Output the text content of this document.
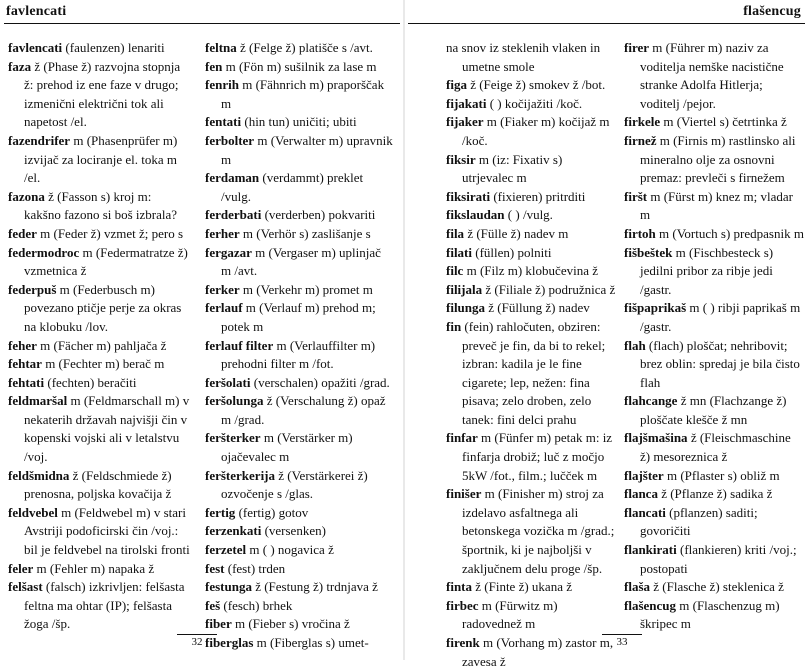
favlencati

favlencati (faulenzen) lenariti

faza ž (Phase ž) razvojna stopnja ž: prehod iz ene faze v drugo; izmenični električni tok ali napetost /el.

fazendrifer m (Phasenprüfer m) izvijač za lociranje el. toka m /el.

fazona ž (Fasson s) kroj m: kakšno fazono si boš izbrala?

feder m (Feder ž) vzmet ž; pero s

federmodroc m (Federmatratze ž) vzmetnica ž

federpuš m (Federbusch m) povezano ptičje perje za okras na klobuku /lov.

feher m (Fächer m) pahljača ž

fehtar m (Fechter m) berač m

fehtati (fechten) beračiti

feldmaršal m (Feldmarschall m) v nekaterih državah najvišji čin v kopenski vojski ali v letalstvu /voj.

feldšmidna ž (Feldschmiede ž) prenosna, poljska kovačija ž

feldvebel m (Feldwebel m) v stari Avstriji podoficirski čin /voj.: bil je feldvebel na tirolski fronti

feler m (Fehler m) napaka ž

felšast (falsch) izkrivljen: felšasta feltna ma ohtar (IP); felšasta žoga /šp.

feltna ž (Felge ž) platišče s /avt.

fen m (Fön m) sušilnik za lase m

fenrih m (Fähnrich m) praporščak m

fentati (hin tun) uničiti; ubiti

ferbolter m (Verwalter m) upravnik m

ferdaman (verdammt) preklet /vulg.

ferderbati (verderben) pokvariti

ferher m (Verhör s) zaslišanje s

fergazar m (Vergaser m) uplinjač m /avt.

ferker m (Verkehr m) promet m

ferlauf m (Verlauf m) prehod m; potek m

ferlauf filter m (Verlauffilter m) prehodni filter m /fot.

feršolati (verschalen) opažiti /grad.

feršolunga ž (Verschalung ž) opaž m /grad.

feršterker m (Verstärker m) ojačevalec m

feršterkerija ž (Verstärkerei ž) ozvočenje s /glas.

fertig (fertig) gotov

ferzenkati (versenken)

ferzetel m ( ) nogavica ž

fest (fest) trden

festunga ž (Festung ž) trdnjava ž

feš (fesch) brhek

fiber m (Fieber s) vročina ž

fiberglas m (Fiberglas s) umet-

32
flašencug

na snov iz steklenih vlaken in umetne smole

figa ž (Feige ž) smokev ž /bot.

fijakati ( ) kočijažiti /koč.

fijaker m (Fiaker m) kočijaž m /koč.

fiksir m (iz: Fixativ s) utrjevalec m

fiksirati (fixieren) pritrditi

fikslaudan ( ) /vulg.

fila ž (Fülle ž) nadev m

filati (füllen) polniti

filc m (Filz m) klobučevina ž

filijala ž (Filiale ž) podružnica ž

filunga ž (Füllung ž) nadev

fin (fein) rahločuten, obziren: preveč je fin, da bi to rekel; izbran: kadila je le fine cigarete; lep, nežen: fina pisava; zelo droben, zelo tanek: fini delci prahu

finfar m (Fünfer m) petak m: iz finfarja drobiž; luč z močjo 5kW /fot., film.; lučček m

finišer m (Finisher m) stroj za izdelavo asfaltnega ali betonskega vozička m /grad.; športnik, ki je najboljši v zaključnem delu proge /šp.

finta ž (Finte ž) ukana ž

firbec m (Fürwitz m) radovednež m

firenk m (Vorhang m) zastor m, zavesa ž

firer m (Führer m) naziv za voditelja nemške nacistične stranke Adolfa Hitlerja; voditelj /pejor.

firkele m (Viertel s) četrtinka ž

firnež m (Firnis m) rastlinsko ali mineralno olje za osnovni premaz: prevleči s firnežem

firšt m (Fürst m) knez m; vladar m

firtoh m (Vortuch s) predpasnik m

fišbeštek m (Fischbesteck s) jedilni pribor za ribje jedi /gastr.

fišpaprikaš m ( ) ribji paprikaš m /gastr.

flah (flach) ploščat; nehribovit; brez oblin: spredaj je bila čisto flah

flahcange ž mn (Flachzange ž) ploščate klešče ž mn

flajšmašina ž (Fleischmaschine ž) mesoreznica ž

flajšter m (Pflaster s) obliž m

flanca ž (Pflanze ž) sadika ž

flancati (pflanzen) saditi; govoričiti

flankirati (flankieren) kriti /voj.; postopati

flaša ž (Flasche ž) steklenica ž

flašencug m (Flaschenzug m) škripec m

33
